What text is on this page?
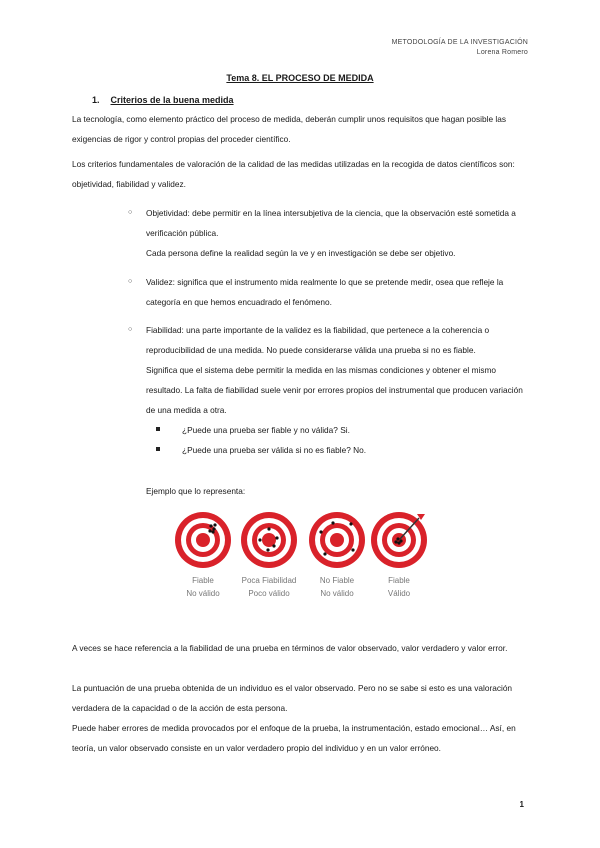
METODOLOGÍA DE LA INVESTIGACIÓN
Lorena Romero
Tema 8. EL PROCESO DE MEDIDA
1. Criterios de la buena medida

La tecnología, como elemento práctico del proceso de medida, deberán cumplir unos requisitos que hagan posible las exigencias de rigor y control propias del proceder científico.

Los criterios fundamentales de valoración de la calidad de las medidas utilizadas en la recogida de datos científicos son: objetividad, fiabilidad y validez.

○ Objetividad: debe permitir en la línea intersubjetiva de la ciencia, que la observación esté sometida a verificación pública.

Cada persona define la realidad según la ve y en investigación se debe ser objetivo.

○ Validez: significa que el instrumento mida realmente lo que se pretende medir, osea que refleje la categoría en que hemos encuadrado el fenómeno.

○ Fiabilidad: una parte importante de la validez es la fiabilidad, que pertenece a la coherencia o reproducibilidad de una medida. No puede considerarse válida una prueba si no es fiable.

Significa que el sistema debe permitir la medida en las mismas condiciones y obtener el mismo resultado. La falta de fiabilidad suele venir por errores propios del instrumental que producen variación de una medida a otra.

¿Puede una prueba ser fiable y no válida? Si.
¿Puede una prueba ser válida si no es fiable? No.
Ejemplo que lo representa:
Fiable
No válido
Poca Fiabilidad
Poco válido
No Fiable
No válido
Fiable
Válido

A veces se hace referencia a la fiabilidad de una prueba en términos de valor observado, valor verdadero y valor error.

La puntuación de una prueba obtenida de un individuo es el valor observado. Pero no se sabe si esto es una valoración verdadera de la capacidad o de la acción de esta persona.

Puede haber errores de medida provocados por el enfoque de la prueba, la instrumentación, estado emocional… Así, en teoría, un valor observado consiste en un valor verdadero propio del individuo y en un valor erróneo.

1
